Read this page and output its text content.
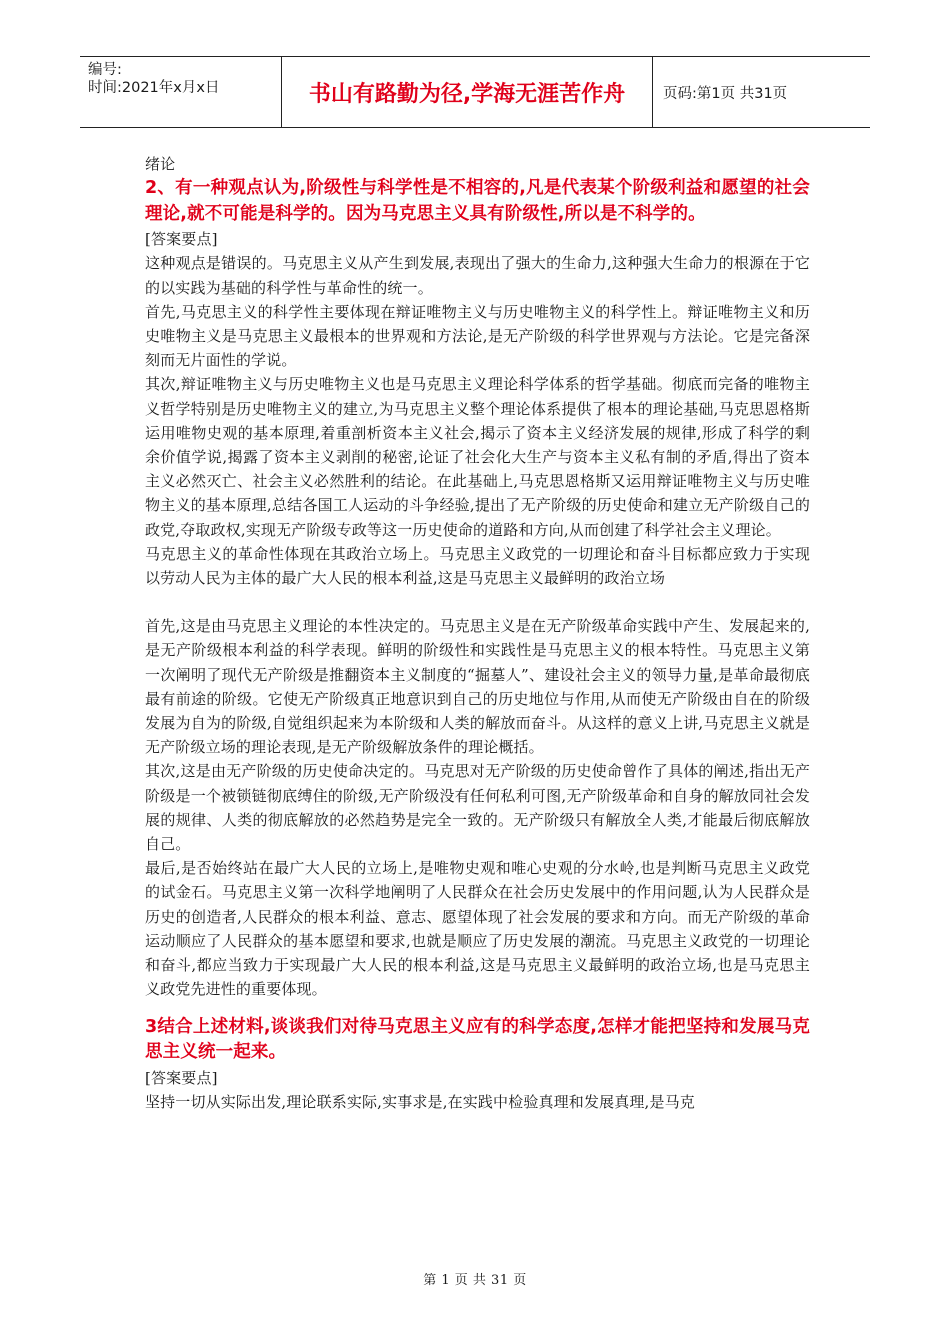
编号:
时间:2021年x月x日	书山有路勤为径,学海无涯苦作舟	页码:第1页 共31页

绪论

2、有一种观点认为,阶级性与科学性是不相容的,凡是代表某个阶级利益和愿望的社会理论,就不可能是科学的。因为马克思主义具有阶级性,所以是不科学的。

[答案要点]

这种观点是错误的。马克思主义从产生到发展,表现出了强大的生命力,这种强大生命力的根源在于它的以实践为基础的科学性与革命性的统一。

首先,马克思主义的科学性主要体现在辩证唯物主义与历史唯物主义的科学性上。辩证唯物主义和历史唯物主义是马克思主义最根本的世界观和方法论,是无产阶级的科学世界观与方法论。它是完备深刻而无片面性的学说。

其次,辩证唯物主义与历史唯物主义也是马克思主义理论科学体系的哲学基础。彻底而完备的唯物主义哲学特别是历史唯物主义的建立,为马克思主义整个理论体系提供了根本的理论基础,马克思恩格斯运用唯物史观的基本原理,着重剖析资本主义社会,揭示了资本主义经济发展的规律,形成了科学的剩余价值学说,揭露了资本主义剥削的秘密,论证了社会化大生产与资本主义私有制的矛盾,得出了资本主义必然灭亡、社会主义必然胜利的结论。在此基础上,马克思恩格斯又运用辩证唯物主义与历史唯物主义的基本原理,总结各国工人运动的斗争经验,提出了无产阶级的历史使命和建立无产阶级自己的政党,夺取政权,实现无产阶级专政等这一历史使命的道路和方向,从而创建了科学社会主义理论。

马克思主义的革命性体现在其政治立场上。马克思主义政党的一切理论和奋斗目标都应致力于实现以劳动人民为主体的最广大人民的根本利益,这是马克思主义最鲜明的政治立场

首先,这是由马克思主义理论的本性决定的。马克思主义是在无产阶级革命实践中产生、发展起来的,是无产阶级根本利益的科学表现。鲜明的阶级性和实践性是马克思主义的根本特性。马克思主义第一次阐明了现代无产阶级是推翻资本主义制度的“掘墓人”、建设社会主义的领导力量,是革命最彻底最有前途的阶级。它使无产阶级真正地意识到自己的历史地位与作用,从而使无产阶级由自在的阶级发展为自为的阶级,自觉组织起来为本阶级和人类的解放而奋斗。从这样的意义上讲,马克思主义就是无产阶级立场的理论表现,是无产阶级解放条件的理论概括。

其次,这是由无产阶级的历史使命决定的。马克思对无产阶级的历史使命曾作了具体的阐述,指出无产阶级是一个被锁链彻底缚住的阶级,无产阶级没有任何私利可图,无产阶级革命和自身的解放同社会发展的规律、人类的彻底解放的必然趋势是完全一致的。无产阶级只有解放全人类,才能最后彻底解放自己。

最后,是否始终站在最广大人民的立场上,是唯物史观和唯心史观的分水岭,也是判断马克思主义政党的试金石。马克思主义第一次科学地阐明了人民群众在社会历史发展中的作用问题,认为人民群众是历史的创造者,人民群众的根本利益、意志、愿望体现了社会发展的要求和方向。而无产阶级的革命运动顺应了人民群众的基本愿望和要求,也就是顺应了历史发展的潮流。马克思主义政党的一切理论和奋斗,都应当致力于实现最广大人民的根本利益,这是马克思主义最鲜明的政治立场,也是马克思主义政党先进性的重要体现。

3结合上述材料,谈谈我们对待马克思主义应有的科学态度,怎样才能把坚持和发展马克思主义统一起来。

[答案要点]

坚持一切从实际出发,理论联系实际,实事求是,在实践中检验真理和发展真理,是马克

第 1 页 共 31 页
